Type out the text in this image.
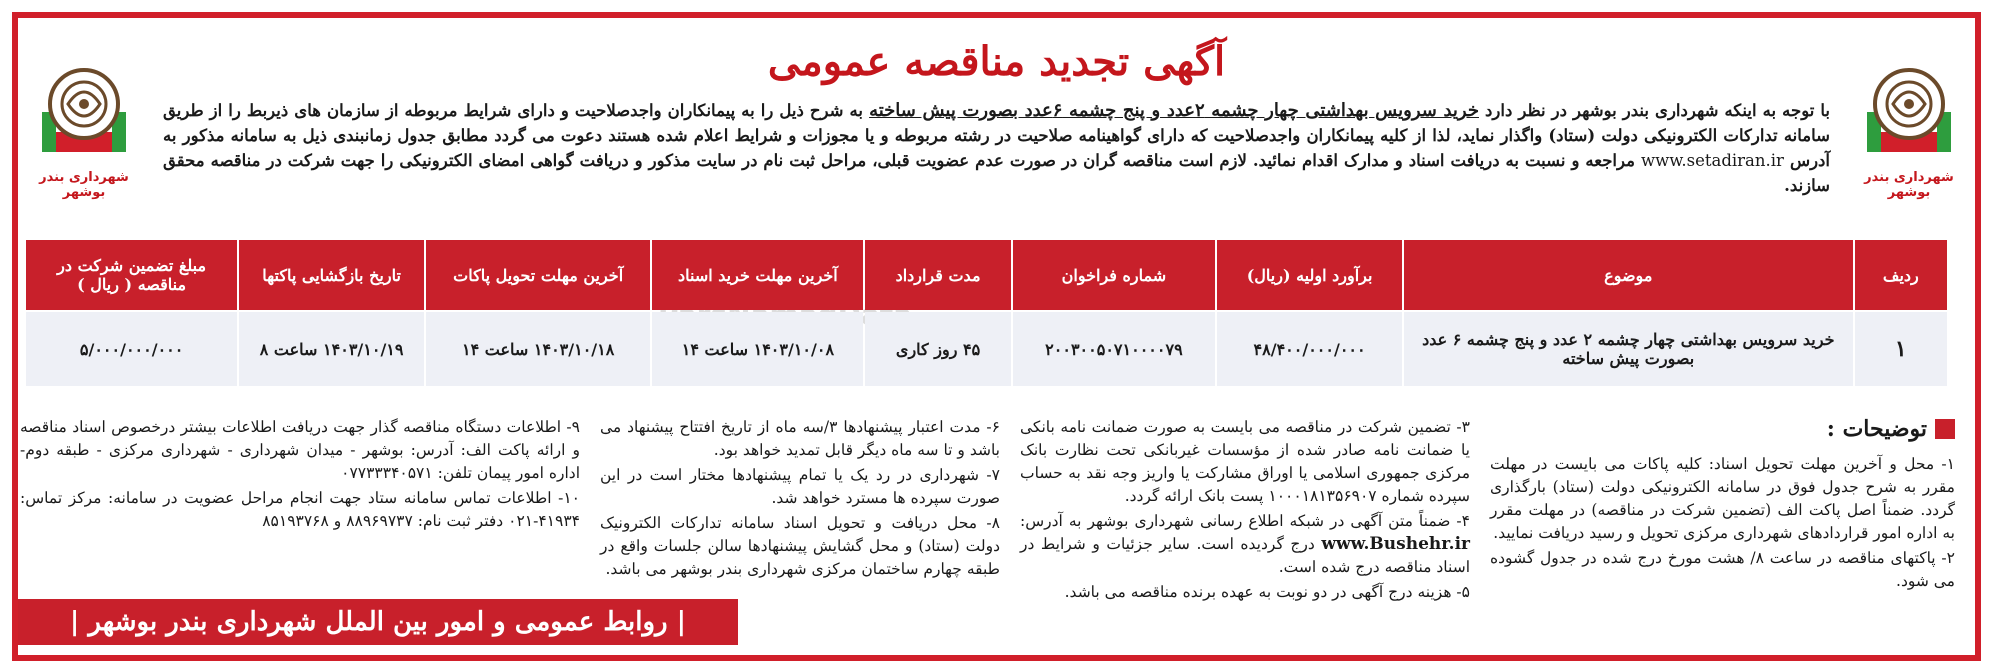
شهرداری بندر بوشهر
شهرداری بندر بوشهر
آگهی تجدید مناقصه عمومی
با توجه به اینکه شهرداری بندر بوشهر در نظر دارد خرید سرویس بهداشتی چهار چشمه ۲عدد و پنج چشمه ۶عدد بصورت پیش ساخته به شرح ذیل را به پیمانکاران واجدصلاحیت و دارای شرایط مربوطه از سازمان های ذیربط را از طریق سامانه تدارکات الکترونیکی دولت (ستاد) واگذار نماید، لذا از کلیه پیمانکاران واجدصلاحیت که دارای گواهینامه صلاحیت در رشته مربوطه و یا مجوزات و شرایط اعلام شده هستند دعوت می گردد مطابق جدول زمانبندی ذیل به سامانه مذکور به آدرس www.setadiran.ir مراجعه و نسبت به دریافت اسناد و مدارک اقدام نمائید. لازم است مناقصه گران در صورت عدم عضویت قبلی، مراحل ثبت نام در سایت مذکور و دریافت گواهی امضای الکترونیکی را جهت شرکت در مناقصه محقق سازند.
ردیف	موضوع	برآورد اولیه (ریال)	شماره فراخوان	مدت قرارداد	آخرین مهلت خرید اسناد	آخرین مهلت تحویل پاکات	تاریخ بازگشایی پاکتها	مبلغ تضمین شرکت در مناقصه ( ریال )
۱	خرید سرویس بهداشتی چهار چشمه ۲ عدد و پنج چشمه ۶ عدد بصورت پیش ساخته	۴۸/۴۰۰/۰۰۰/۰۰۰	۲۰۰۳۰۰۵۰۷۱۰۰۰۰۷۹	۴۵ روز کاری	۱۴۰۳/۱۰/۰۸ ساعت ۱۴	۱۴۰۳/۱۰/۱۸ ساعت ۱۴	۱۴۰۳/۱۰/۱۹ ساعت ۸	۵/۰۰۰/۰۰۰/۰۰۰
توضیحات :

۱- محل و آخرین مهلت تحویل اسناد: کلیه پاکات می بایست در مهلت مقرر به شرح جدول فوق در سامانه الکترونیکی دولت (ستاد) بارگذاری گردد. ضمناً اصل پاکت الف (تضمین شرکت در مناقصه) در مهلت مقرر به اداره امور قراردادهای شهرداری مرکزی تحویل و رسید دریافت نمایید.

۲- پاکتهای مناقصه در ساعت ۸/ هشت مورخ درج شده در جدول گشوده می شود.

۳- تضمین شرکت در مناقصه می بایست به صورت ضمانت نامه بانکی یا ضمانت نامه صادر شده از مؤسسات غیربانکی تحت نظارت بانک مرکزی جمهوری اسلامی یا اوراق مشارکت یا واریز وجه نقد به حساب سپرده شماره ۱۰۰۰۱۸۱۳۵۶۹۰۷ پست بانک ارائه گردد.

۴- ضمناً متن آگهی در شبکه اطلاع رسانی شهرداری بوشهر به آدرس: www.Bushehr.ir درج گردیده است. سایر جزئیات و شرایط در اسناد مناقصه درج شده است.

۵- هزینه درج آگهی در دو نوبت به عهده برنده مناقصه می باشد.

۶- مدت اعتبار پیشنهادها ۳/سه ماه از تاریخ افتتاح پیشنهاد می باشد و تا سه ماه دیگر قابل تمدید خواهد بود.

۷- شهرداری در رد یک یا تمام پیشنهادها مختار است در این صورت سپرده ها مسترد خواهد شد.

۸- محل دریافت و تحویل اسناد سامانه تدارکات الکترونیک دولت (ستاد) و محل گشایش پیشنهادها سالن جلسات واقع در طبقه چهارم ساختمان مرکزی شهرداری بندر بوشهر می باشد.

۹- اطلاعات دستگاه مناقصه گذار جهت دریافت اطلاعات بیشتر درخصوص اسناد مناقصه و ارائه پاکت الف: آدرس: بوشهر - میدان شهرداری - شهرداری مرکزی - طبقه دوم- اداره امور پیمان تلفن: ۰۷۷۳۳۳۴۰۵۷۱

۱۰- اطلاعات تماس سامانه ستاد جهت انجام مراحل عضویت در سامانه: مرکز تماس: ۴۱۹۳۴-۰۲۱ دفتر ثبت نام: ۸۸۹۶۹۷۳۷ و ۸۵۱۹۳۷۶۸

| روابط عمومی و امور بین الملل شهرداری بندر بوشهر |
